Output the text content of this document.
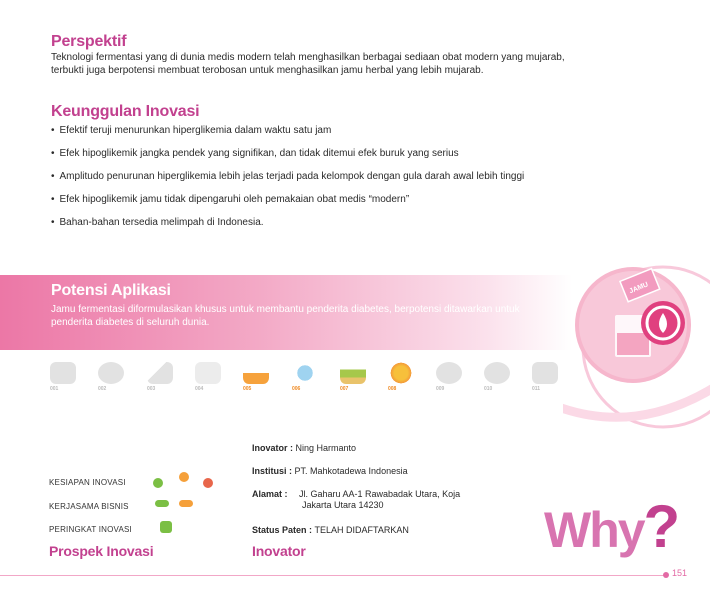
Perspektif

Teknologi fermentasi yang di dunia medis modern telah menghasilkan berbagai sediaan obat modern yang mujarab, terbukti juga berpotensi membuat terobosan untuk menghasilkan jamu herbal yang lebih mujarab.

Keunggulan Inovasi
• Efektif teruji menurunkan hiperglikemia dalam waktu satu jam
• Efek hipoglikemik jangka pendek yang signifikan, dan tidak ditemui efek buruk yang serius
• Amplitudo penurunan hiperglikemia lebih jelas terjadi pada kelompok dengan gula darah awal lebih tinggi
• Efek hipoglikemik jamu tidak dipengaruhi oleh pemakaian obat medis “modern”
• Bahan-bahan tersedia melimpah di Indonesia.
Potensi Aplikasi

Jamu fermentasi diformulasikan khusus untuk membantu penderita diabetes, berpotensi ditawarkan untuk penderita diabetes di seluruh dunia.

JAMU
001	002	003	004	005	006	007	008	009	010	011
KESIAPAN INOVASI
KERJASAMA BISNIS
PERINGKAT INOVASI
Prospek Inovasi
Inovator : Ning Harmanto
Institusi : PT. Mahkotadewa Indonesia
Alamat : Jl. Gaharu AA-1 Rawabadak Utara, Koja
Jakarta Utara 14230
Status Paten : TELAH DIDAFTARKAN
Inovator	Why?
151
